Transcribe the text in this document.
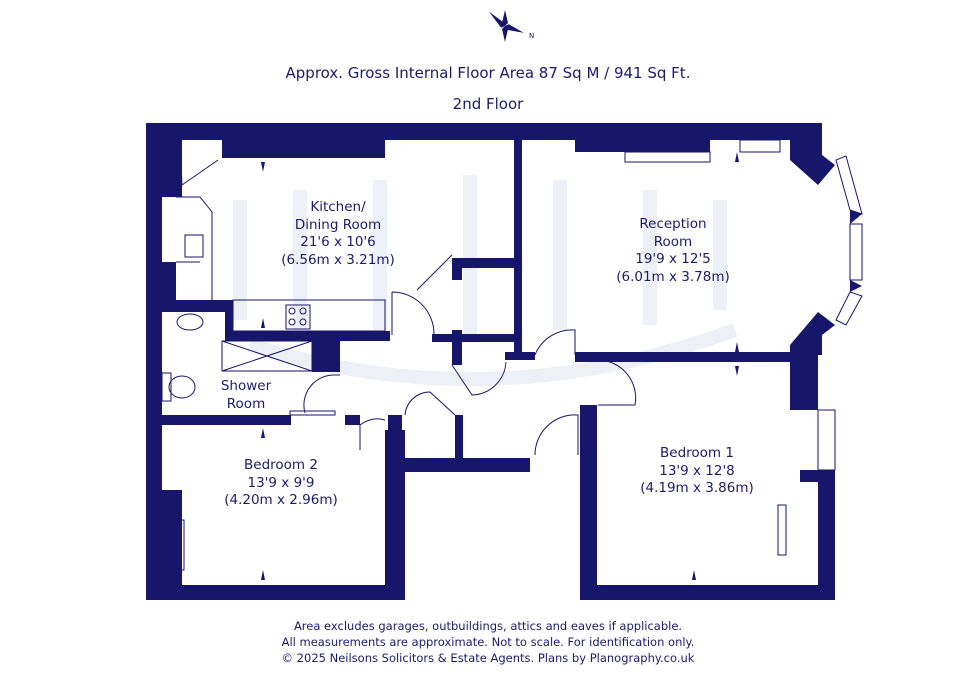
N
Approx. Gross Internal Floor Area 87 Sq M / 941 Sq Ft.
2nd Floor
Kitchen/
Dining Room
21'6 x 10'6
(6.56m x 3.21m)
Reception
Room
19'9 x 12'5
(6.01m x 3.78m)
Shower
Room
Bedroom 2
13'9 x 9'9
(4.20m x 2.96m)
Bedroom 1
13'9 x 12'8
(4.19m x 3.86m)
Area excludes garages, outbuildings, attics and eaves if applicable.
All measurements are approximate. Not to scale. For identification only.
© 2025 Neilsons Solicitors & Estate Agents. Plans by Planography.co.uk
